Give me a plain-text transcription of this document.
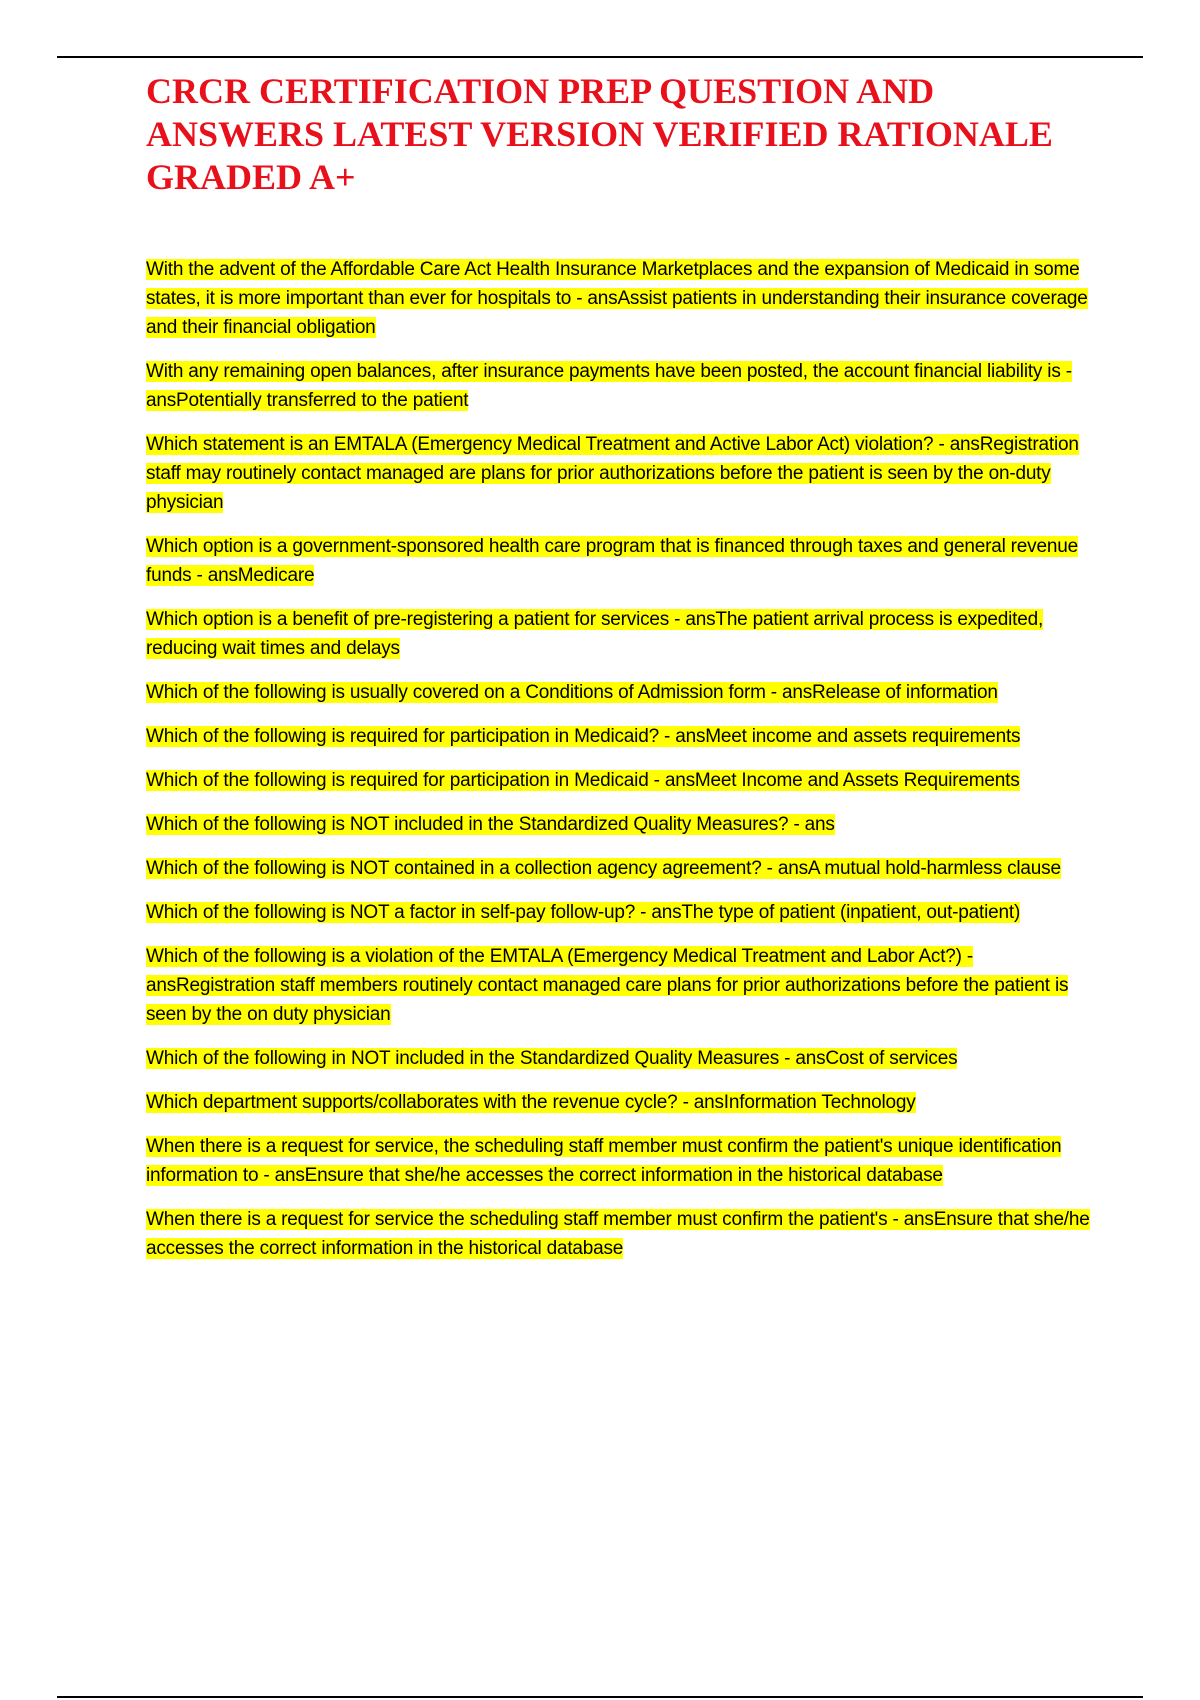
CRCR CERTIFICATION PREP QUESTION AND ANSWERS LATEST VERSION VERIFIED RATIONALE GRADED A+
With the advent of the Affordable Care Act Health Insurance Marketplaces and the expansion of Medicaid in some states, it is more important than ever for hospitals to - ansAssist patients in understanding their insurance coverage and their financial obligation
With any remaining open balances, after insurance payments have been posted, the account financial liability is - ansPotentially transferred to the patient
Which statement is an EMTALA (Emergency Medical Treatment and Active Labor Act) violation? - ansRegistration staff may routinely contact managed are plans for prior authorizations before the patient is seen by the on-duty physician
Which option is a government-sponsored health care program that is financed through taxes and general revenue funds - ansMedicare
Which option is a benefit of pre-registering a patient for services - ansThe patient arrival process is expedited, reducing wait times and delays
Which of the following is usually covered on a Conditions of Admission form - ansRelease of information
Which of the following is required for participation in Medicaid? - ansMeet income and assets requirements
Which of the following is required for participation in Medicaid - ansMeet Income and Assets Requirements
Which of the following is NOT included in the Standardized Quality Measures? - ans
Which of the following is NOT contained in a collection agency agreement? - ansA mutual hold-harmless clause
Which of the following is NOT a factor in self-pay follow-up? - ansThe type of patient (inpatient, out-patient)
Which of the following is a violation of the EMTALA (Emergency Medical Treatment and Labor Act?) - ansRegistration staff members routinely contact managed care plans for prior authorizations before the patient is seen by the on duty physician
Which of the following in NOT included in the Standardized Quality Measures - ansCost of services
Which department supports/collaborates with the revenue cycle? - ansInformation Technology
When there is a request for service, the scheduling staff member must confirm the patient's unique identification information to - ansEnsure that she/he accesses the correct information in the historical database
When there is a request for service the scheduling staff member must confirm the patient's - ansEnsure that she/he accesses the correct information in the historical database
